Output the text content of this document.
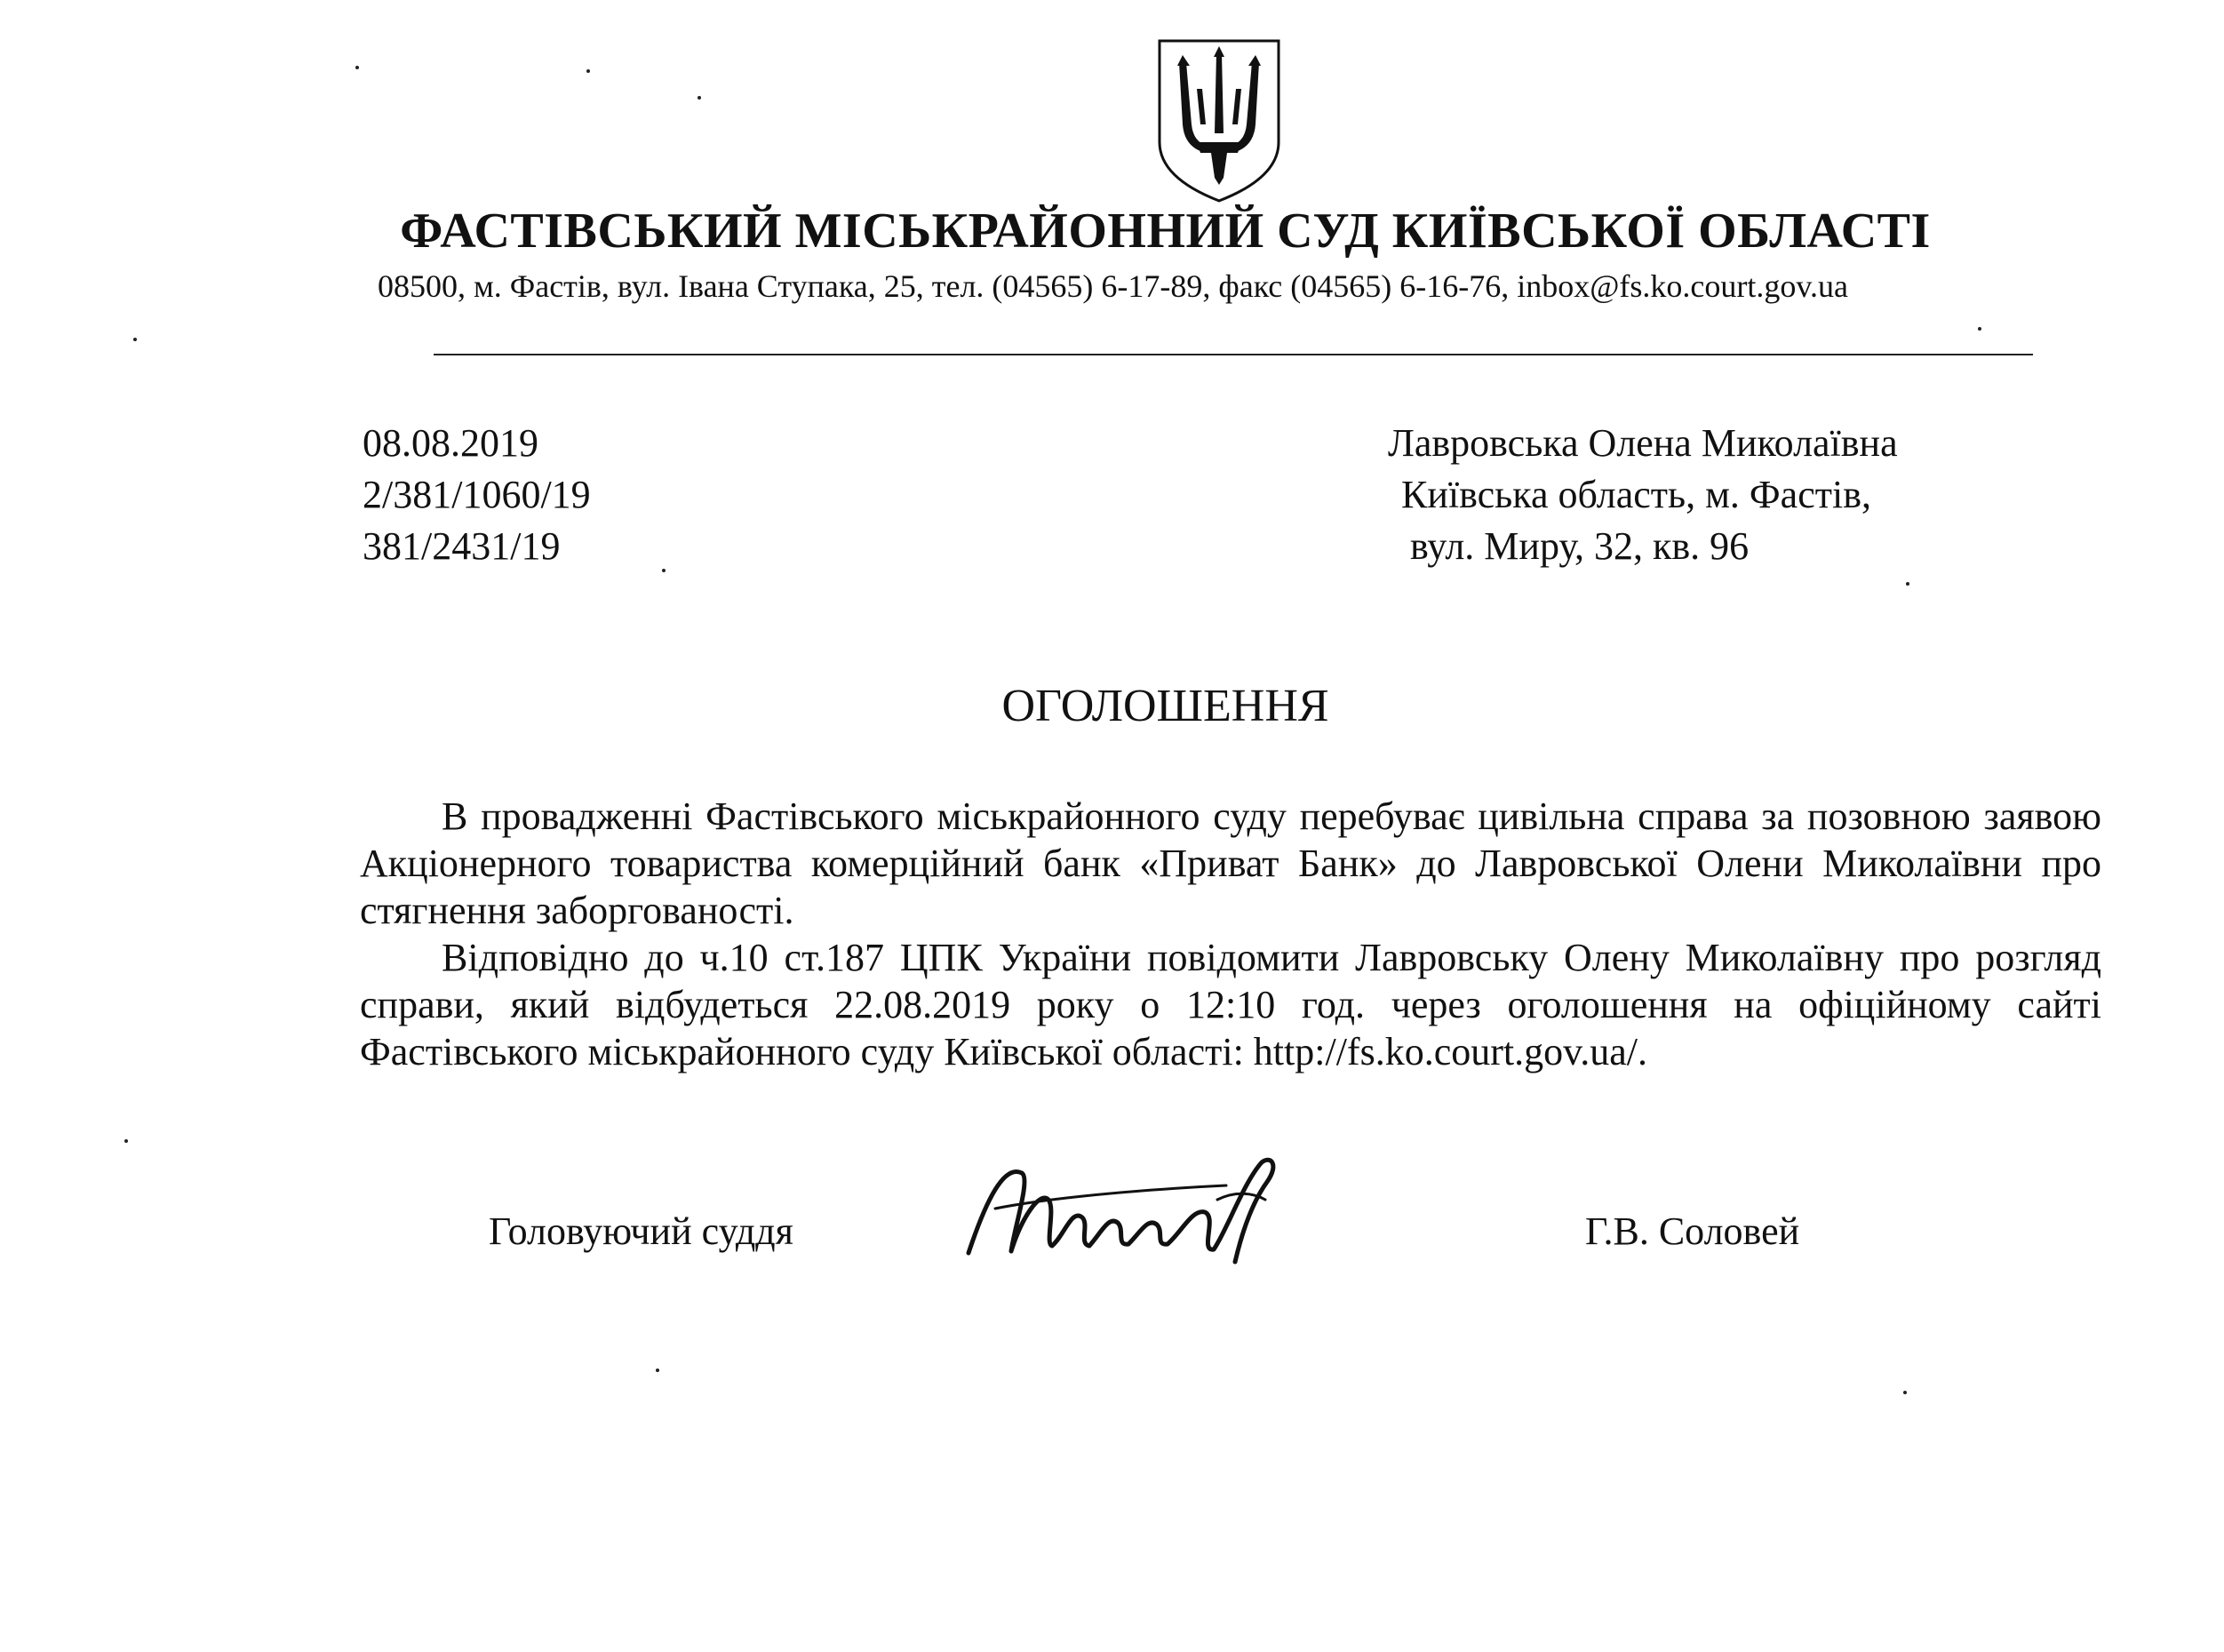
ФАСТІВСЬКИЙ МІСЬКРАЙОННИЙ СУД КИЇВСЬКОЇ ОБЛАСТІ
08500, м. Фастів, вул. Івана Ступака, 25, тел. (04565) 6-17-89, факс (04565) 6-16-76, inbox@fs.ko.court.gov.ua
08.08.2019
2/381/1060/19
381/2431/19
Лавровська Олена Миколаївна
Київська область, м. Фастів,
вул. Миру, 32, кв. 96
ОГОЛОШЕННЯ

В провадженні Фастівського міськрайонного суду перебуває цивільна справа за позовною заявою Акціонерного товариства комерційний банк «Приват Банк» до Лавровської Олени Миколаївни про стягнення заборгованості.

Відповідно до ч.10 ст.187 ЦПК України повідомити Лавровську Олену Миколаївну про розгляд справи, який відбудеться 22.08.2019 року о 12:10 год. через оголошення на офіційному сайті Фастівського міськрайонного суду Київської області: http://fs.ko.court.gov.ua/.

Головуючий суддя	Г.В. Соловей
